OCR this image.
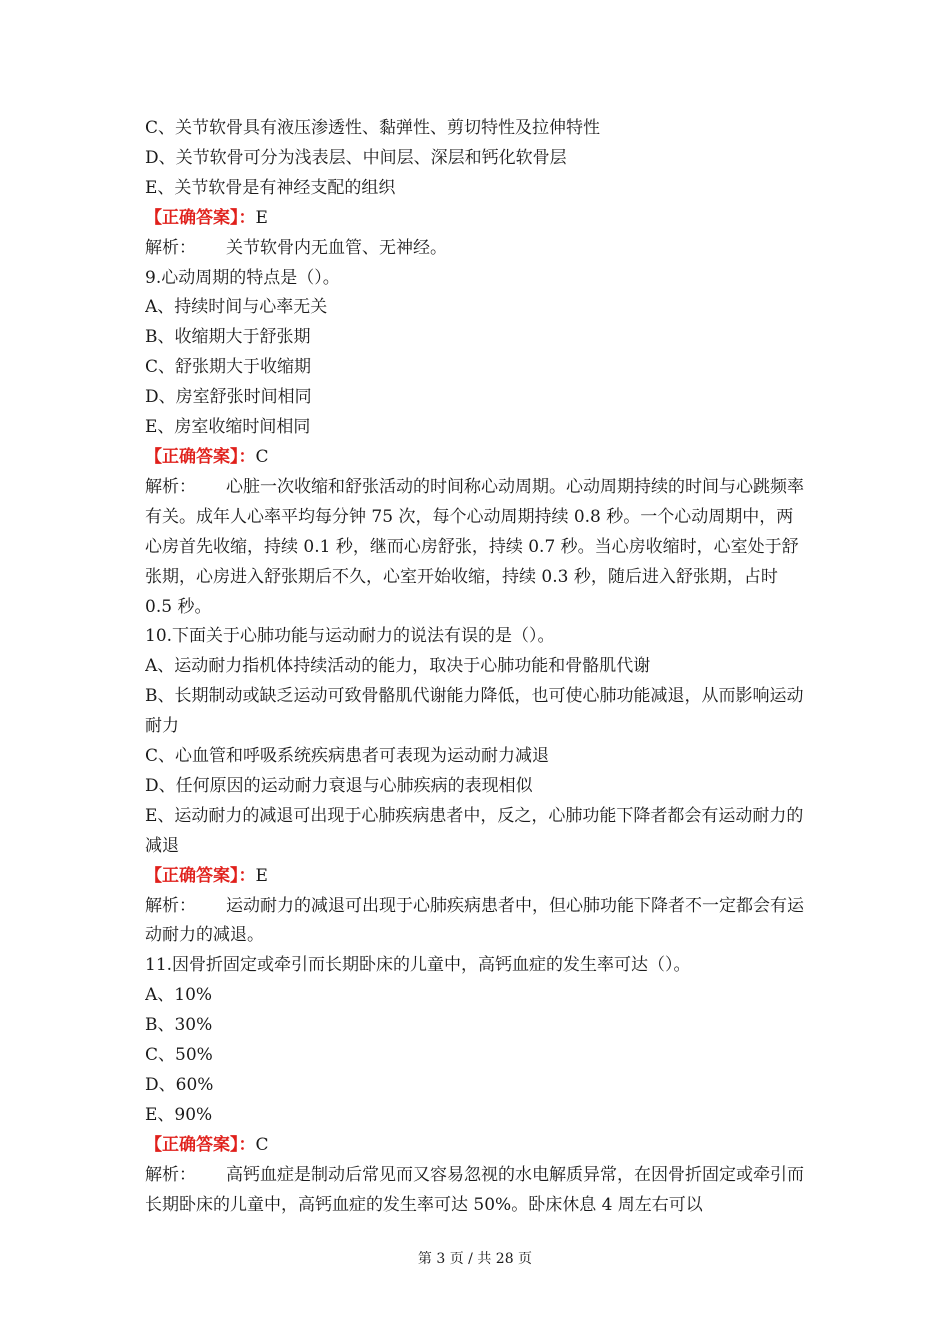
C、关节软骨具有液压渗透性、黏弹性、剪切特性及拉伸特性
D、关节软骨可分为浅表层、中间层、深层和钙化软骨层
E、关节软骨是有神经支配的组织
【正确答案】：E
解析： 关节软骨内无血管、无神经。
9.心动周期的特点是（）。
A、持续时间与心率无关
B、收缩期大于舒张期
C、舒张期大于收缩期
D、房室舒张时间相同
E、房室收缩时间相同
【正确答案】：C
解析： 心脏一次收缩和舒张活动的时间称心动周期。心动周期持续的时间与心跳频率有关。成年人心率平均每分钟 75 次，每个心动周期持续 0.8 秒。一个心动周期中，两心房首先收缩，持续 0.1 秒，继而心房舒张，持续 0.7 秒。当心房收缩时，心室处于舒张期，心房进入舒张期后不久，心室开始收缩，持续 0.3 秒，随后进入舒张期，占时 0.5 秒。
10.下面关于心肺功能与运动耐力的说法有误的是（）。
A、运动耐力指机体持续活动的能力，取决于心肺功能和骨骼肌代谢
B、长期制动或缺乏运动可致骨骼肌代谢能力降低，也可使心肺功能减退，从而影响运动耐力
C、心血管和呼吸系统疾病患者可表现为运动耐力减退
D、任何原因的运动耐力衰退与心肺疾病的表现相似
E、运动耐力的减退可出现于心肺疾病患者中，反之，心肺功能下降者都会有运动耐力的减退
【正确答案】：E
解析： 运动耐力的减退可出现于心肺疾病患者中，但心肺功能下降者不一定都会有运动耐力的减退。
11.因骨折固定或牵引而长期卧床的儿童中，高钙血症的发生率可达（）。
A、10%
B、30%
C、50%
D、60%
E、90%
【正确答案】：C
解析： 高钙血症是制动后常见而又容易忽视的水电解质异常，在因骨折固定或牵引而长期卧床的儿童中，高钙血症的发生率可达 50%。卧床休息 4 周左右可以
第 3 页 / 共 28 页
